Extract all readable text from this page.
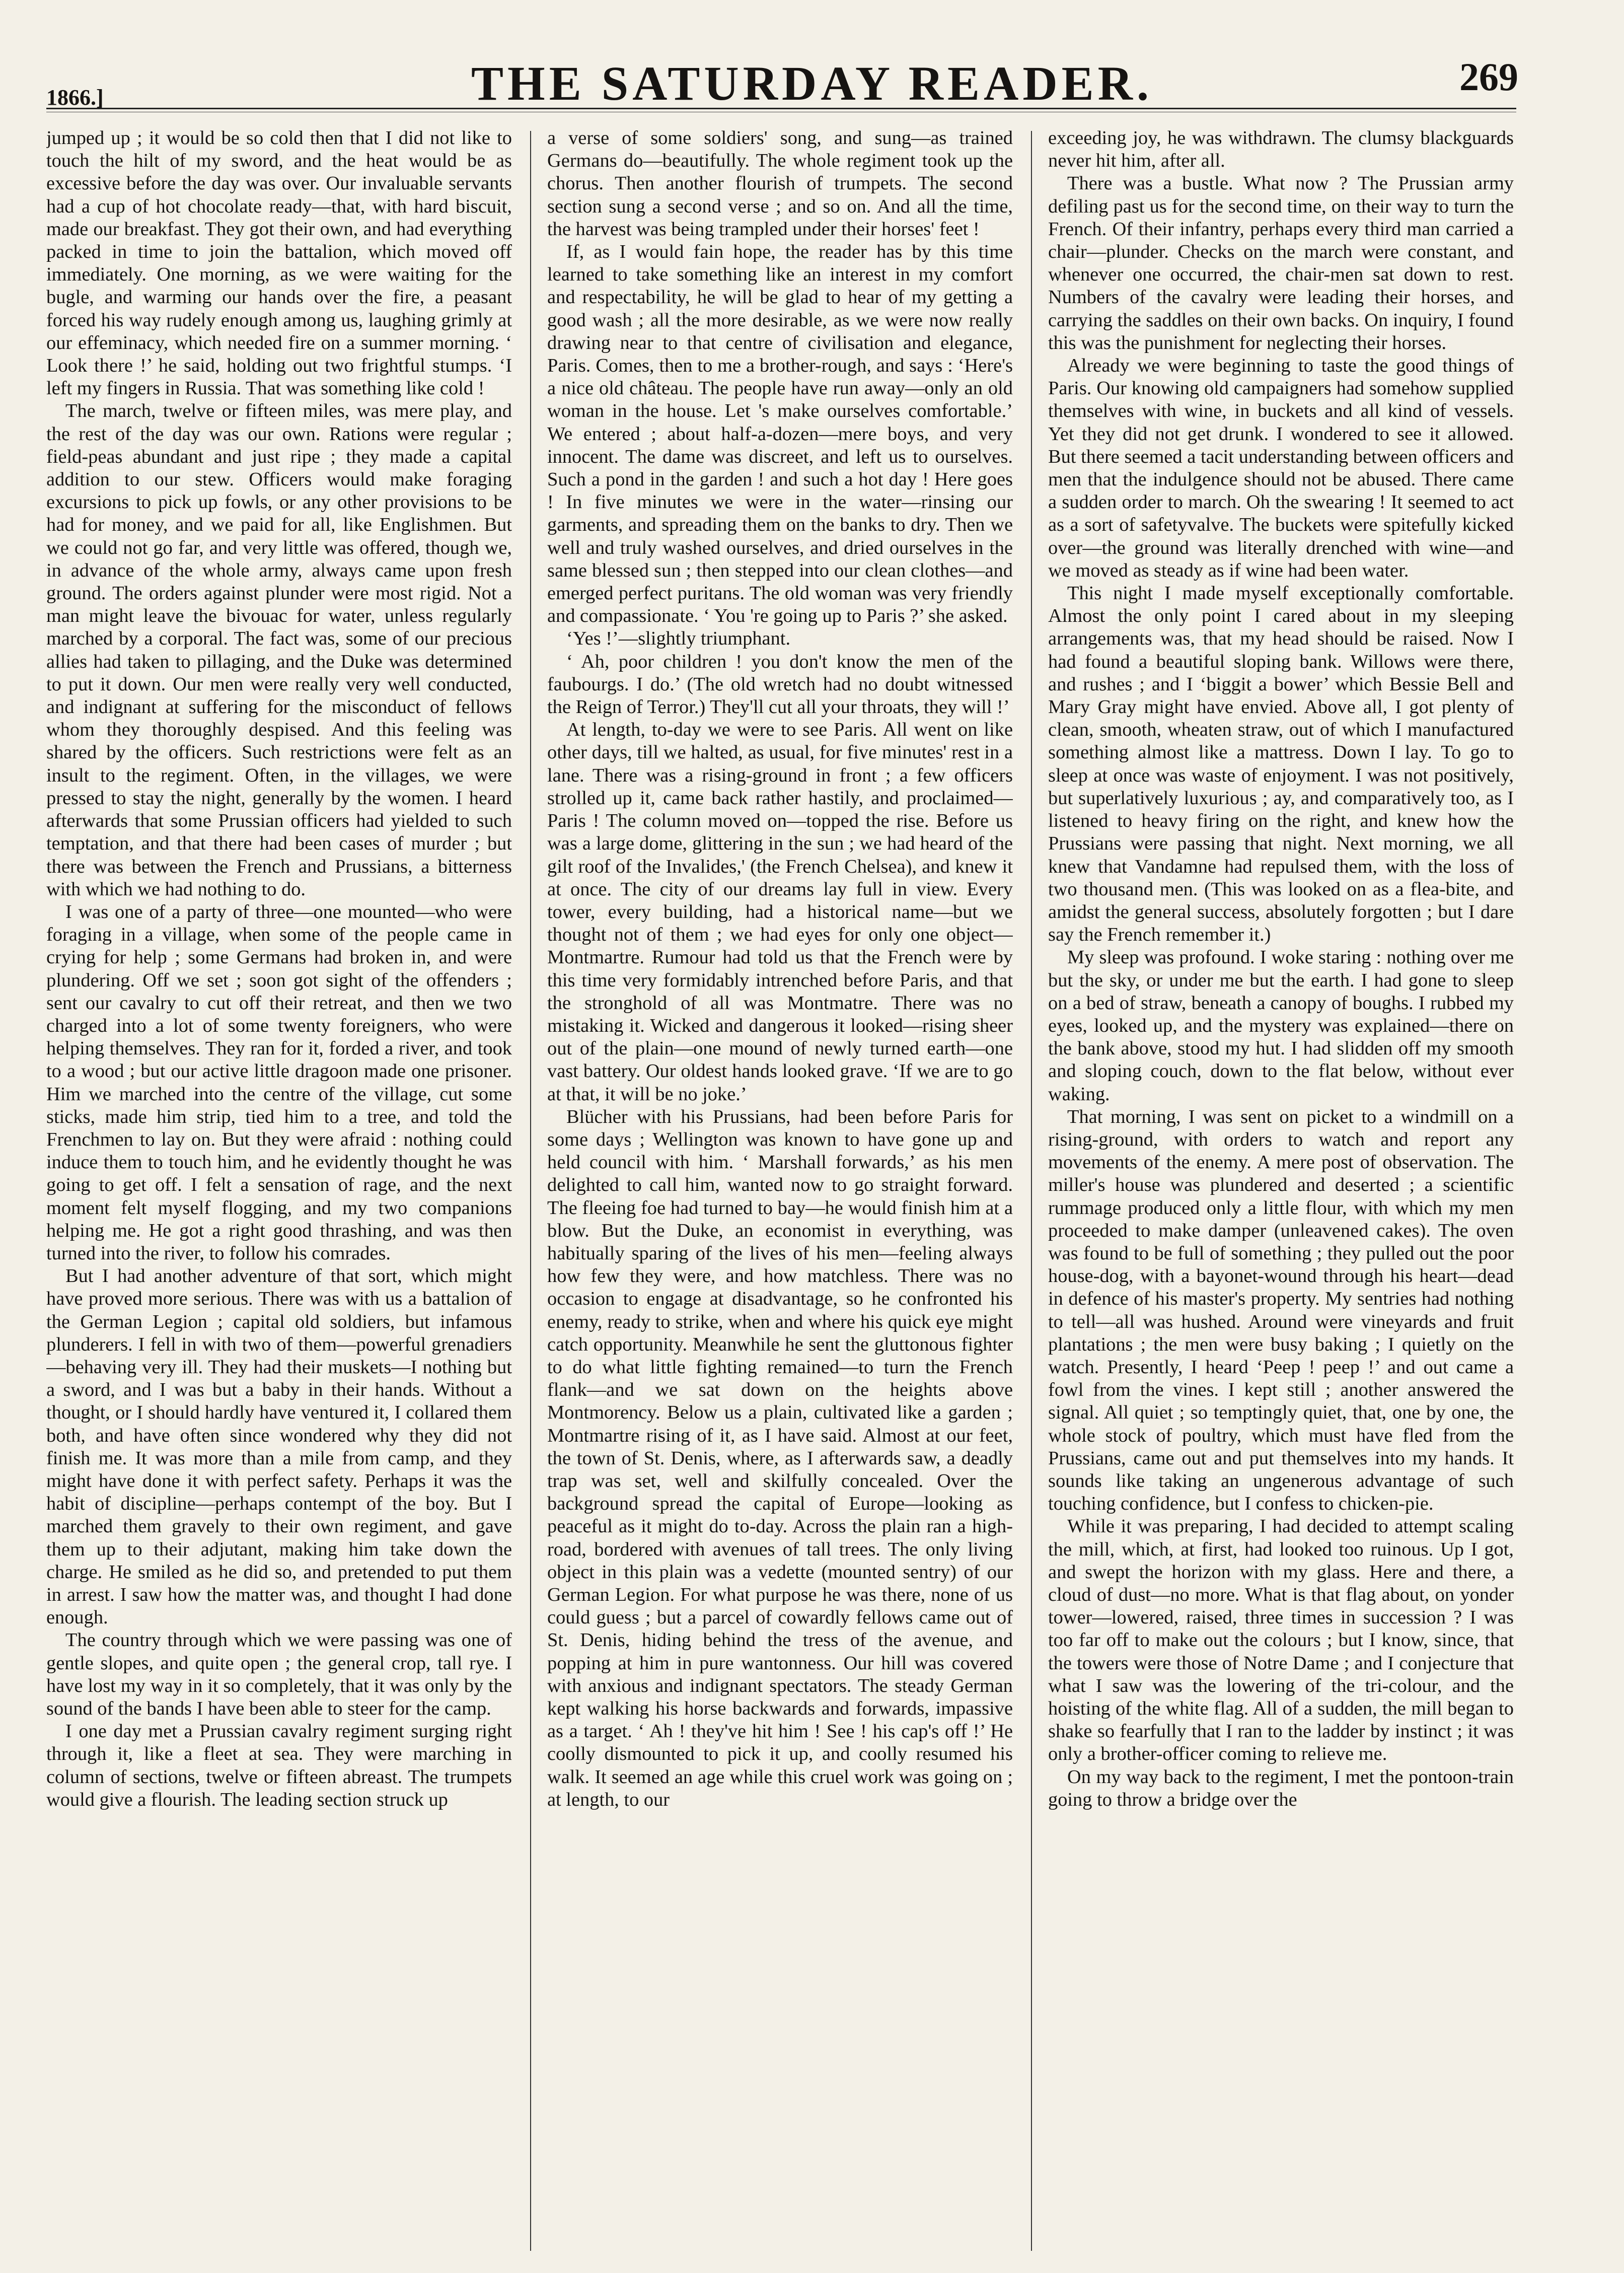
1866.]	THE SATURDAY READER.	269

jumped up ; it would be so cold then that I did not like to touch the hilt of my sword, and the heat would be as excessive before the day was over. Our invaluable servants had a cup of hot chocolate ready—that, with hard biscuit, made our breakfast. They got their own, and had everything packed in time to join the battalion, which moved off immediately. One morning, as we were waiting for the bugle, and warming our hands over the fire, a peasant forced his way rudely enough among us, laughing grimly at our effeminacy, which needed fire on a summer morning. ‘ Look there !’ he said, holding out two frightful stumps. ‘I left my fingers in Russia. That was something like cold !

The march, twelve or fifteen miles, was mere play, and the rest of the day was our own. Rations were regular ; field-peas abundant and just ripe ; they made a capital addition to our stew. Officers would make foraging excursions to pick up fowls, or any other provisions to be had for money, and we paid for all, like Englishmen. But we could not go far, and very little was offered, though we, in advance of the whole army, always came upon fresh ground. The orders against plunder were most rigid. Not a man might leave the bivouac for water, unless regularly marched by a corporal. The fact was, some of our precious allies had taken to pillaging, and the Duke was determined to put it down. Our men were really very well conducted, and indignant at suffering for the misconduct of fellows whom they thoroughly despised. And this feeling was shared by the officers. Such restrictions were felt as an insult to the regiment. Often, in the villages, we were pressed to stay the night, generally by the women. I heard afterwards that some Prussian officers had yielded to such temptation, and that there had been cases of murder ; but there was between the French and Prussians, a bitterness with which we had nothing to do.

I was one of a party of three—one mounted—who were foraging in a village, when some of the people came in crying for help ; some Germans had broken in, and were plundering. Off we set ; soon got sight of the offenders ; sent our cavalry to cut off their retreat, and then we two charged into a lot of some twenty foreigners, who were helping themselves. They ran for it, forded a river, and took to a wood ; but our active little dragoon made one prisoner. Him we marched into the centre of the village, cut some sticks, made him strip, tied him to a tree, and told the Frenchmen to lay on. But they were afraid : nothing could induce them to touch him, and he evidently thought he was going to get off. I felt a sensation of rage, and the next moment felt myself flogging, and my two companions helping me. He got a right good thrashing, and was then turned into the river, to follow his comrades.

But I had another adventure of that sort, which might have proved more serious. There was with us a battalion of the German Legion ; capital old soldiers, but infamous plunderers. I fell in with two of them—powerful grenadiers—behaving very ill. They had their muskets—I nothing but a sword, and I was but a baby in their hands. Without a thought, or I should hardly have ventured it, I collared them both, and have often since wondered why they did not finish me. It was more than a mile from camp, and they might have done it with perfect safety. Perhaps it was the habit of discipline—perhaps contempt of the boy. But I marched them gravely to their own regiment, and gave them up to their adjutant, making him take down the charge. He smiled as he did so, and pretended to put them in arrest. I saw how the matter was, and thought I had done enough.

The country through which we were passing was one of gentle slopes, and quite open ; the general crop, tall rye. I have lost my way in it so completely, that it was only by the sound of the bands I have been able to steer for the camp.

I one day met a Prussian cavalry regiment surging right through it, like a fleet at sea. They were marching in column of sections, twelve or fifteen abreast. The trumpets would give a flourish. The leading section struck up

a verse of some soldiers' song, and sung—as trained Germans do—beautifully. The whole regiment took up the chorus. Then another flourish of trumpets. The second section sung a second verse ; and so on. And all the time, the harvest was being trampled under their horses' feet !

If, as I would fain hope, the reader has by this time learned to take something like an interest in my comfort and respectability, he will be glad to hear of my getting a good wash ; all the more desirable, as we were now really drawing near to that centre of civilisation and elegance, Paris. Comes, then to me a brother-rough, and says : ‘Here's a nice old château. The people have run away—only an old woman in the house. Let 's make ourselves comfortable.’ We entered ; about half-a-dozen—mere boys, and very innocent. The dame was discreet, and left us to ourselves. Such a pond in the garden ! and such a hot day ! Here goes ! In five minutes we were in the water—rinsing our garments, and spreading them on the banks to dry. Then we well and truly washed ourselves, and dried ourselves in the same blessed sun ; then stepped into our clean clothes—and emerged perfect puritans. The old woman was very friendly and compassionate. ‘ You 're going up to Paris ?’ she asked.

‘Yes !’—slightly triumphant.

‘ Ah, poor children ! you don't know the men of the faubourgs. I do.’ (The old wretch had no doubt witnessed the Reign of Terror.) They'll cut all your throats, they will !’

At length, to-day we were to see Paris. All went on like other days, till we halted, as usual, for five minutes' rest in a lane. There was a rising-ground in front ; a few officers strolled up it, came back rather hastily, and proclaimed—Paris ! The column moved on—topped the rise. Before us was a large dome, glittering in the sun ; we had heard of the gilt roof of the Invalides,' (the French Chelsea), and knew it at once. The city of our dreams lay full in view. Every tower, every building, had a historical name—but we thought not of them ; we had eyes for only one object—Montmartre. Rumour had told us that the French were by this time very formidably intrenched before Paris, and that the stronghold of all was Montmatre. There was no mistaking it. Wicked and dangerous it looked—rising sheer out of the plain—one mound of newly turned earth—one vast battery. Our oldest hands looked grave. ‘If we are to go at that, it will be no joke.’

Blücher with his Prussians, had been before Paris for some days ; Wellington was known to have gone up and held council with him. ‘ Marshall forwards,’ as his men delighted to call him, wanted now to go straight forward. The fleeing foe had turned to bay—he would finish him at a blow. But the Duke, an economist in everything, was habitually sparing of the lives of his men—feeling always how few they were, and how matchless. There was no occasion to engage at disadvantage, so he confronted his enemy, ready to strike, when and where his quick eye might catch opportunity. Meanwhile he sent the gluttonous fighter to do what little fighting remained—to turn the French flank—and we sat down on the heights above Montmorency. Below us a plain, cultivated like a garden ; Montmartre rising of it, as I have said. Almost at our feet, the town of St. Denis, where, as I afterwards saw, a deadly trap was set, well and skilfully concealed. Over the background spread the capital of Europe—looking as peaceful as it might do to-day. Across the plain ran a high-road, bordered with avenues of tall trees. The only living object in this plain was a vedette (mounted sentry) of our German Legion. For what purpose he was there, none of us could guess ; but a parcel of cowardly fellows came out of St. Denis, hiding behind the tress of the avenue, and popping at him in pure wantonness. Our hill was covered with anxious and indignant spectators. The steady German kept walking his horse backwards and forwards, impassive as a target. ‘ Ah ! they've hit him ! See ! his cap's off !’ He coolly dismounted to pick it up, and coolly resumed his walk. It seemed an age while this cruel work was going on ; at length, to our

exceeding joy, he was withdrawn. The clumsy blackguards never hit him, after all.

There was a bustle. What now ? The Prussian army defiling past us for the second time, on their way to turn the French. Of their infantry, perhaps every third man carried a chair—plunder. Checks on the march were constant, and whenever one occurred, the chair-men sat down to rest. Numbers of the cavalry were leading their horses, and carrying the saddles on their own backs. On inquiry, I found this was the punishment for neglecting their horses.

Already we were beginning to taste the good things of Paris. Our knowing old campaigners had somehow supplied themselves with wine, in buckets and all kind of vessels. Yet they did not get drunk. I wondered to see it allowed. But there seemed a tacit understanding between officers and men that the indulgence should not be abused. There came a sudden order to march. Oh the swearing ! It seemed to act as a sort of safetyvalve. The buckets were spitefully kicked over—the ground was literally drenched with wine—and we moved as steady as if wine had been water.

This night I made myself exceptionally comfortable. Almost the only point I cared about in my sleeping arrangements was, that my head should be raised. Now I had found a beautiful sloping bank. Willows were there, and rushes ; and I ‘biggit a bower’ which Bessie Bell and Mary Gray might have envied. Above all, I got plenty of clean, smooth, wheaten straw, out of which I manufactured something almost like a mattress. Down I lay. To go to sleep at once was waste of enjoyment. I was not positively, but superlatively luxurious ; ay, and comparatively too, as I listened to heavy firing on the right, and knew how the Prussians were passing that night. Next morning, we all knew that Vandamne had repulsed them, with the loss of two thousand men. (This was looked on as a flea-bite, and amidst the general success, absolutely forgotten ; but I dare say the French remember it.)

My sleep was profound. I woke staring : nothing over me but the sky, or under me but the earth. I had gone to sleep on a bed of straw, beneath a canopy of boughs. I rubbed my eyes, looked up, and the mystery was explained—there on the bank above, stood my hut. I had slidden off my smooth and sloping couch, down to the flat below, without ever waking.

That morning, I was sent on picket to a windmill on a rising-ground, with orders to watch and report any movements of the enemy. A mere post of observation. The miller's house was plundered and deserted ; a scientific rummage produced only a little flour, with which my men proceeded to make damper (unleavened cakes). The oven was found to be full of something ; they pulled out the poor house-dog, with a bayonet-wound through his heart—dead in defence of his master's property. My sentries had nothing to tell—all was hushed. Around were vineyards and fruit plantations ; the men were busy baking ; I quietly on the watch. Presently, I heard ‘Peep ! peep !’ and out came a fowl from the vines. I kept still ; another answered the signal. All quiet ; so temptingly quiet, that, one by one, the whole stock of poultry, which must have fled from the Prussians, came out and put themselves into my hands. It sounds like taking an ungenerous advantage of such touching confidence, but I confess to chicken-pie.

While it was preparing, I had decided to attempt scaling the mill, which, at first, had looked too ruinous. Up I got, and swept the horizon with my glass. Here and there, a cloud of dust—no more. What is that flag about, on yonder tower—lowered, raised, three times in succession ? I was too far off to make out the colours ; but I know, since, that the towers were those of Notre Dame ; and I conjecture that what I saw was the lowering of the tri-colour, and the hoisting of the white flag. All of a sudden, the mill began to shake so fearfully that I ran to the ladder by instinct ; it was only a brother-officer coming to relieve me.

On my way back to the regiment, I met the pontoon-train going to throw a bridge over the
